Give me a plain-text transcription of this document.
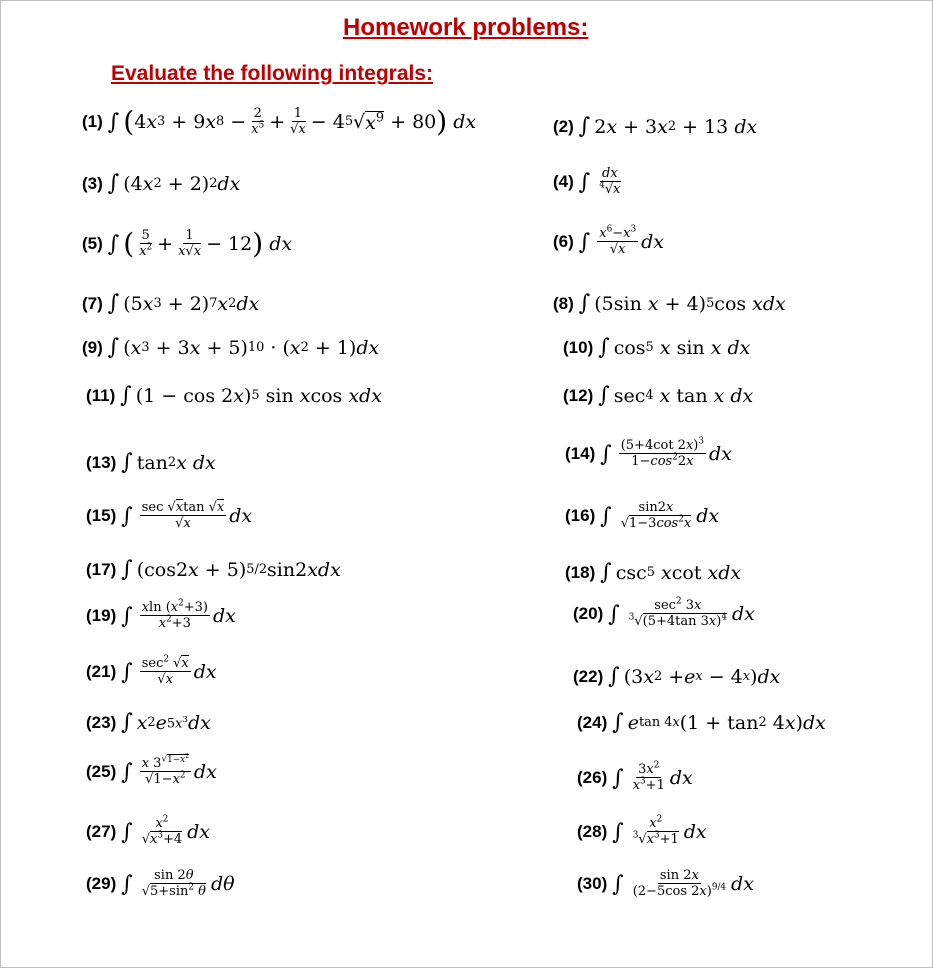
Homework problems:
Evaluate the following integrals:
(1) ∫ ( 4 x 3 + 9 x $8 - \frac{2}{x^5} + \frac{1}{√x} - 4$ 5 √ $x^9 + 80$ )
dx	(2) ∫ 2 x + 3 x 2 + 13 dx
(3) ∫ (4 x 2 + 2) 2 dx	(4) ∫ $\frac{dx}{^4√x}$
(5) ∫ ( $\frac{5}{x^2} + \frac{1}{x√x} - 12$ )
dx	(6) ∫ $\frac{x^6-x^3}{√x}$ dx
(7) ∫ (5 x 3 + 2) 7 x 2 dx	(8) ∫ (5sin x + 4) 5 cos xdx
(9) ∫ ( x 3 + 3 x + 5) 10 · ( x 2 + 1) dx	(10) ∫ cos 5
x sin x
dx
(11) ∫ (1 − cos 2 x ) 5 sin x cos xdx	(12) ∫ sec 4
x tan x
dx
(13) ∫ tan 2 x
dx	(14) ∫ $\frac{(5+4\cot 2x)^3}{1-\cos^22x}$ dx
(15) ∫ $\frac{\sec √xtan √x}{√x}$ dx	(16) ∫ $\frac{\sin 2x}{√1-3\cos^2x}$ dx
(17) ∫ (cos2 x + 5) 5/2 sin2 xdx	(18) ∫ csc 5
x cot xdx
(19) ∫ $\frac{xln (x^2+3)}{x^2+3}$ dx	(20) ∫ $\frac{\sec^2 3x}{^3√(5+4\tan 3x)^4}$ dx
(21) ∫ $\frac{\sec^2 √x}{√x}$ dx	(22) ∫ (3 x 2 + e x − 4 x ) dx
(23) ∫ x 2 e $5x^3$ dx	(24) ∫ e tan 4x (1 + tan 2 4 x ) dx
(25) ∫ $\frac{x 3^{√1-x^2}}{√1-x^2}$ dx	(26) ∫ $\frac{3x^2}{x^3+1}$ dx
(27) ∫ $\frac{x^2}{√x^3+4}$ dx	(28) ∫ $\frac{x^2}{^3√x^3+1}$ dx
(29) ∫ $\frac{\sin 2\theta}{√5+\sin^2 \theta}$ dθ	(30) ∫ $\frac{\sin 2x}{(2-5\cos 2x)^{9/4}}$ dx
